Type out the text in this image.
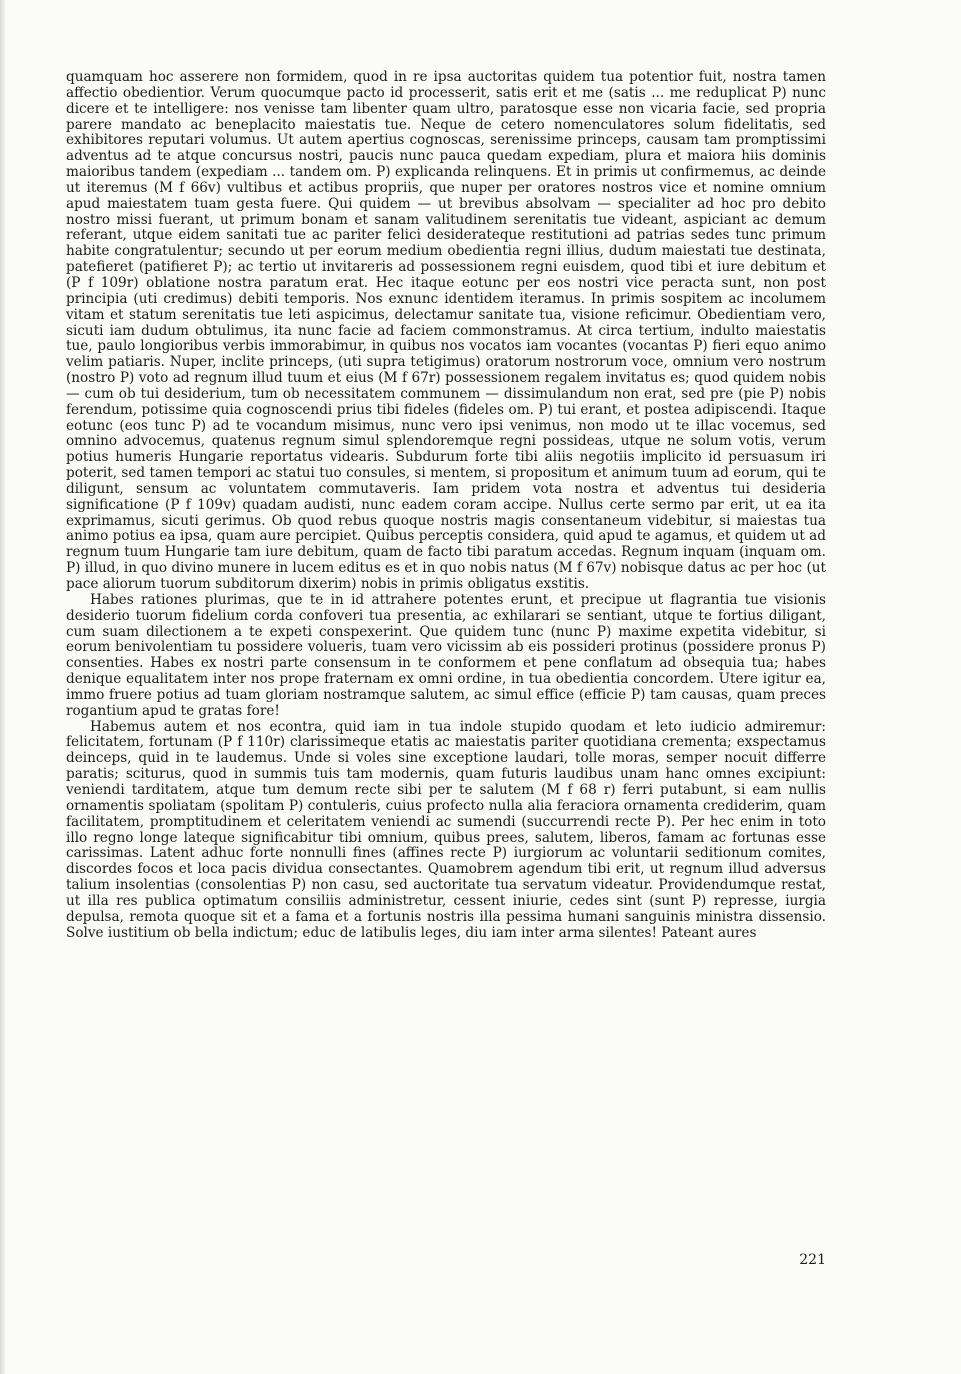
quamquam hoc asserere non formidem, quod in re ipsa auctoritas quidem tua potentior fuit, nostra tamen affectio obedientior. Verum quocumque pacto id processerit, satis erit et me (satis ... me reduplicat P) nunc dicere et te intelligere: nos venisse tam libenter quam ultro, paratosque esse non vicaria facie, sed propria parere mandato ac beneplacito maiestatis tue. Neque de cetero nomenculatores solum fidelitatis, sed exhibitores reputari volumus. Ut autem apertius cognoscas, serenissime princeps, causam tam promptissimi adventus ad te atque concursus nostri, paucis nunc pauca quedam expediam, plura et maiora hiis dominis maioribus tandem (expediam ... tandem om. P) explicanda relinquens. Et in primis ut confirmemus, ac deinde ut iteremus (M f 66v) vultibus et actibus propriis, que nuper per oratores nostros vice et nomine omnium apud maiestatem tuam gesta fuere. Qui quidem — ut brevibus absolvam — specialiter ad hoc pro debito nostro missi fuerant, ut primum bonam et sanam valitudinem serenitatis tue videant, aspiciant ac demum referant, utque eidem sanitati tue ac pariter felici desiderateque restitutioni ad patrias sedes tunc primum habite congratulentur; secundo ut per eorum medium obedientia regni illius, dudum maiestati tue destinata, patefieret (patifieret P); ac tertio ut invitareris ad possessionem regni euisdem, quod tibi et iure debitum et (P f 109r) oblatione nostra paratum erat. Hec itaque eotunc per eos nostri vice peracta sunt, non post principia (uti credimus) debiti temporis. Nos exnunc identidem iteramus. In primis sospitem ac incolumem vitam et statum serenitatis tue leti aspicimus, delectamur sanitate tua, visione reficimur. Obedientiam vero, sicuti iam dudum obtulimus, ita nunc facie ad faciem commonstramus. At circa tertium, indulto maiestatis tue, paulo longioribus verbis immorabimur, in quibus nos vocatos iam vocantes (vocantas P) fieri equo animo velim patiaris. Nuper, inclite princeps, (uti supra tetigimus) oratorum nostrorum voce, omnium vero nostrum (nostro P) voto ad regnum illud tuum et eius (M f 67r) possessionem regalem invitatus es; quod quidem nobis — cum ob tui desiderium, tum ob necessitatem communem — dissimulandum non erat, sed pre (pie P) nobis ferendum, potissime quia cognoscendi prius tibi fideles (fideles om. P) tui erant, et postea adipiscendi. Itaque eotunc (eos tunc P) ad te vocandum misimus, nunc vero ipsi venimus, non modo ut te illac vocemus, sed omnino advocemus, quatenus regnum simul splendoremque regni possideas, utque ne solum votis, verum potius humeris Hungarie reportatus videaris. Subdurum forte tibi aliis negotiis implicito id persuasum iri poterit, sed tamen tempori ac statui tuo consules, si mentem, si propositum et animum tuum ad eorum, qui te diligunt, sensum ac voluntatem commutaveris. Iam pridem vota nostra et adventus tui desideria significatione (P f 109v) quadam audisti, nunc eadem coram accipe. Nullus certe sermo par erit, ut ea ita exprimamus, sicuti gerimus. Ob quod rebus quoque nostris magis consentaneum videbitur, si maiestas tua animo potius ea ipsa, quam aure percipiet. Quibus perceptis considera, quid apud te agamus, et quidem ut ad regnum tuum Hungarie tam iure debitum, quam de facto tibi paratum accedas. Regnum inquam (inquam om. P) illud, in quo divino munere in lucem editus es et in quo nobis natus (M f 67v) nobisque datus ac per hoc (ut pace aliorum tuorum subditorum dixerim) nobis in primis obligatus exstitis.

Habes rationes plurimas, que te in id attrahere potentes erunt, et precipue ut flagrantia tue visionis desiderio tuorum fidelium corda confoveri tua presentia, ac exhilarari se sentiant, utque te fortius diligant, cum suam dilectionem a te expeti conspexerint. Que quidem tunc (nunc P) maxime expetita videbitur, si eorum benivolentiam tu possidere volueris, tuam vero vicissim ab eis possideri protinus (possidere pronus P) consenties. Habes ex nostri parte consensum in te conformem et pene conflatum ad obsequia tua; habes denique equalitatem inter nos prope fraternam ex omni ordine, in tua obedientia concordem. Utere igitur ea, immo fruere potius ad tuam gloriam nostramque salutem, ac simul effice (efficie P) tam causas, quam preces rogantium apud te gratas fore!

Habemus autem et nos econtra, quid iam in tua indole stupido quodam et leto iudicio admiremur: felicitatem, fortunam (P f 110r) clarissimeque etatis ac maiestatis pariter quotidiana crementa; exspectamus deinceps, quid in te laudemus. Unde si voles sine exceptione laudari, tolle moras, semper nocuit differre paratis; sciturus, quod in summis tuis tam modernis, quam futuris laudibus unam hanc omnes excipiunt: veniendi tarditatem, atque tum demum recte sibi per te salutem (M f 68 r) ferri putabunt, si eam nullis ornamentis spoliatam (spolitam P) contuleris, cuius profecto nulla alia feraciora ornamenta crediderim, quam facilitatem, promptitudinem et celeritatem veniendi ac sumendi (succurrendi recte P). Per hec enim in toto illo regno longe lateque significabitur tibi omnium, quibus prees, salutem, liberos, famam ac fortunas esse carissimas. Latent adhuc forte nonnulli fines (affines recte P) iurgiorum ac voluntarii seditionum comites, discordes focos et loca pacis dividua consectantes. Quamobrem agendum tibi erit, ut regnum illud adversus talium insolentias (consolentias P) non casu, sed auctoritate tua servatum videatur. Providendumque restat, ut illa res publica optimatum consiliis administretur, cessent iniurie, cedes sint (sunt P) represse, iurgia depulsa, remota quoque sit et a fama et a fortunis nostris illa pessima humani sanguinis ministra dissensio. Solve iustitium ob bella indictum; educ de latibulis leges, diu iam inter arma silentes! Pateant aures

221
